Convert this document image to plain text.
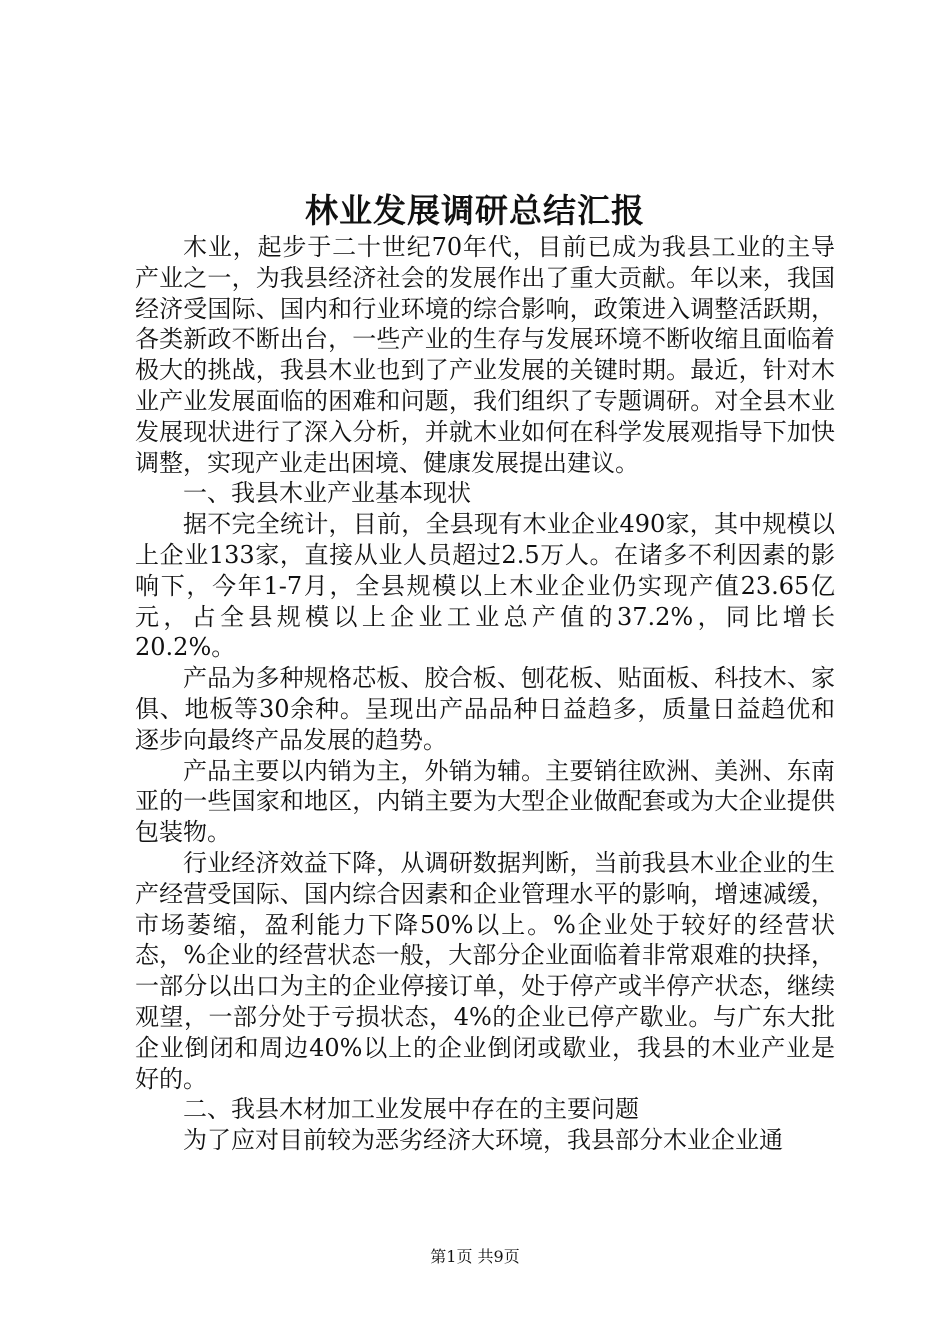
林业发展调研总结汇报

木业，起步于二十世纪70年代，目前已成为我县工业的主导产业之一，为我县经济社会的发展作出了重大贡献。年以来，我国经济受国际、国内和行业环境的综合影响，政策进入调整活跃期，各类新政不断出台，一些产业的生存与发展环境不断收缩且面临着极大的挑战，我县木业也到了产业发展的关键时期。最近，针对木业产业发展面临的困难和问题，我们组织了专题调研。对全县木业发展现状进行了深入分析，并就木业如何在科学发展观指导下加快调整，实现产业走出困境、健康发展提出建议。

一、我县木业产业基本现状

据不完全统计，目前，全县现有木业企业490家，其中规模以上企业133家，直接从业人员超过2.5万人。在诸多不利因素的影响下，今年1-7月，全县规模以上木业企业仍实现产值23.65亿元，占全县规模以上企业工业总产值的37.2%，同比增长20.2%。

产品为多种规格芯板、胶合板、刨花板、贴面板、科技木、家俱、地板等30余种。呈现出产品品种日益趋多，质量日益趋优和逐步向最终产品发展的趋势。

产品主要以内销为主，外销为辅。主要销往欧洲、美洲、东南亚的一些国家和地区，内销主要为大型企业做配套或为大企业提供包装物。

行业经济效益下降，从调研数据判断，当前我县木业企业的生产经营受国际、国内综合因素和企业管理水平的影响，增速减缓，市场萎缩，盈利能力下降50%以上。%企业处于较好的经营状态，%企业的经营状态一般，大部分企业面临着非常艰难的抉择，一部分以出口为主的企业停接订单，处于停产或半停产状态，继续观望，一部分处于亏损状态，4%的企业已停产歇业。与广东大批企业倒闭和周边40%以上的企业倒闭或歇业，我县的木业产业是好的。

二、我县木材加工业发展中存在的主要问题

为了应对目前较为恶劣经济大环境，我县部分木业企业通

第1页 共9页
